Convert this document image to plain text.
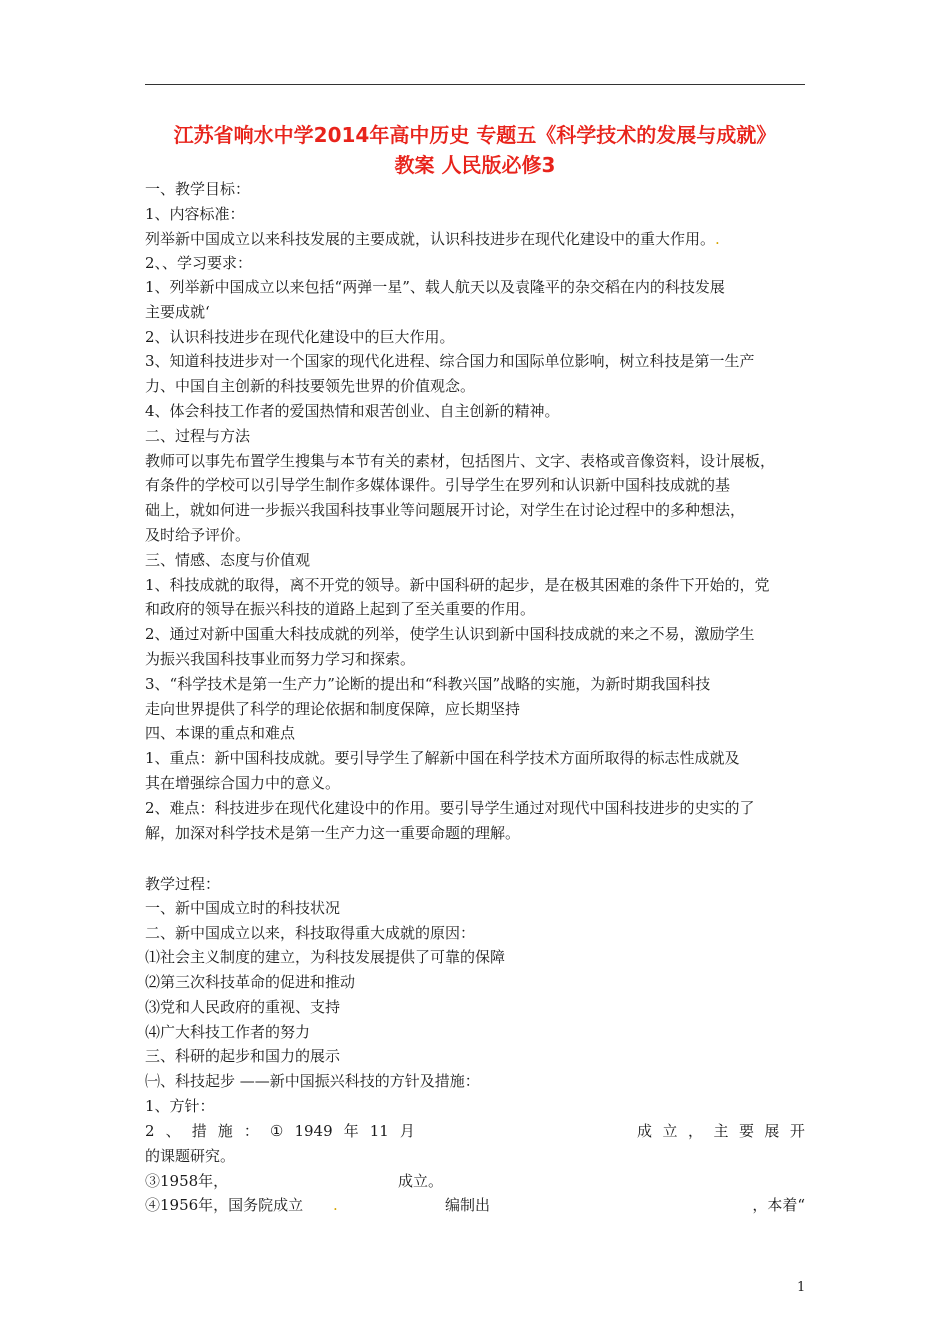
江苏省响水中学2014年高中历史 专题五《科学技术的发展与成就》
教案 人民版必修3
一、教学目标：
1、内容标准：
列举新中国成立以来科技发展的主要成就，认识科技进步在现代化建设中的重大作用。.
2、、学习要求：
1、列举新中国成立以来包括“两弹一星”、载人航天以及袁隆平的杂交稻在内的科技发展
主要成就‘
2、认识科技进步在现代化建设中的巨大作用。
3、知道科技进步对一个国家的现代化进程、综合国力和国际单位影响，树立科技是第一生产
力、中国自主创新的科技要领先世界的价值观念。
4、体会科技工作者的爱国热情和艰苦创业、自主创新的精神。
二、过程与方法
教师可以事先布置学生搜集与本节有关的素材，包括图片、文字、表格或音像资料，设计展板，
有条件的学校可以引导学生制作多媒体课件。引导学生在罗列和认识新中国科技成就的基
础上，就如何进一步振兴我国科技事业等问题展开讨论，对学生在讨论过程中的多种想法，
及时给予评价。
三、情感、态度与价值观
1、科技成就的取得，离不开党的领导。新中国科研的起步，是在极其困难的条件下开始的，党
和政府的领导在振兴科技的道路上起到了至关重要的作用。
2、通过对新中国重大科技成就的列举，使学生认识到新中国科技成就的来之不易，激励学生
为振兴我国科技事业而努力学习和探索。
3、“科学技术是第一生产力”论断的提出和“科教兴国”战略的实施，为新时期我国科技
走向世界提供了科学的理论依据和制度保障，应长期坚持
四、本课的重点和难点
1、重点：新中国科技成就。要引导学生了解新中国在科学技术方面所取得的标志性成就及
其在增强综合国力中的意义。
2、难点：科技进步在现代化建设中的作用。要引导学生通过对现代中国科技进步的史实的了
解，加深对科学技术是第一生产力这一重要命题的理解。
教学过程：
一、新中国成立时的科技状况
二、新中国成立以来，科技取得重大成就的原因：
⑴社会主义制度的建立，为科技发展提供了可靠的保障
⑵第三次科技革命的促进和推动
⑶党和人民政府的重视、支持
⑷广大科技工作者的努力
三、科研的起步和国力的展示
㈠、科技起步 ——新中国振兴科技的方针及措施：
1、方针：
2 、 措 施 ： ① 1949 年 11 月	成 立 ， 主 要 展 开
的课题研究。
③1958年，	成立。
④1956年，国务院成立 .	编制出	，本着“
1
